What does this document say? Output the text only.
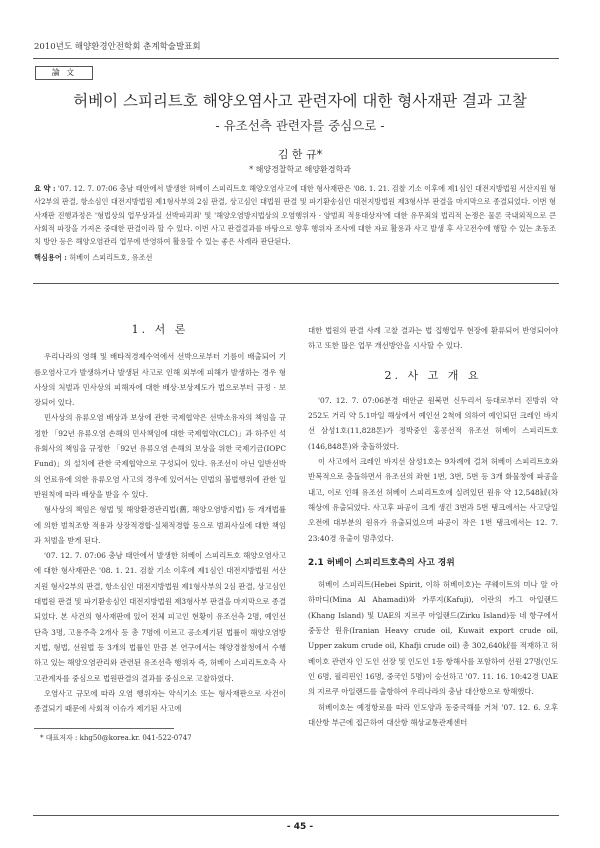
2010년도 해양환경안전학회 춘계학술발표회
論 文
허베이 스피리트호 해양오염사고 관련자에 대한 형사재판 결과 고찰
- 유조선측 관련자를 중심으로 -
김 한 규*
* 해양경찰학교 해양환경학과
요 약 : '07. 12. 7. 07:06 충남 태안에서 발생한 허베이 스피리트호 해양오염사고에 대한 형사재판은 '08. 1. 21. 검찰 기소 이후에 제1심인 대전지방법원 서산지원 형사2부의 판결, 항소심인 대전지방법원 제1형사부의 2심 판결, 상고심인 대법원 판결 및 파기환송심인 대전지방법원 제3형사부 판결을 마지막으로 종결되었다. 이번 형사재판 진행과정은 '형법상의 업무상과실 선박파괴죄' 및 '해양오염방지법상의 오염행위자 · 양벌죄 적용대상자'에 대한 유무죄의 법리적 논쟁은 물론 국내외적으로 큰 사회적 파장을 가져온 중대한 판결이라 할 수 있다. 이번 사고 판결결과를 바탕으로 향후 행위자 조사에 대한 자료 활용과 사고 발생 후 사고전수에 행할 수 있는 초동조치 방안 등은 해양오염관리 업무에 반영하여 활용할 수 있는 좋은 사례라 판단된다.
핵심용어 : 허베이 스피리트호, 유조선
1. 서 론

우리나라의 영해 및 배타적경제수역에서 선박으로부터 기름이 배출되어 기름오염사고가 발생하거나 발생된 사고로 인해 외부에 피해가 발생하는 경우 형사상의 처벌과 민사상의 피해자에 대한 배상·보상제도가 법으로부터 규정 · 보장되어 있다.

민사상의 유류오염 배상과 보상에 관한 국제협약은 선박소유자의 책임을 규정한 「92년 유류오염 손해의 민사책임에 대한 국제협약(CLC)」과 하주인 석유회사의 책임을 규정한 「92년 유류오염 손해의 보상을 위한 국제기금(IOPC Fund)」의 설치에 관한 국제협약으로 구성되어 있다. 유조선이 아닌 일반선박의 연료유에 의한 유류오염 사고의 경우에 있어서는 민법의 불법행위에 관한 일반원칙에 따라 배상을 받을 수 있다.

형사상의 책임은 형법 및 해양환경관리법(舊, 해양오염방지법) 등 개개법률에 의한 벌칙조항 적용과 상장적경합·실체적경합 등으로 범죄사실에 대한 책임과 처벌을 받게 된다.

'07. 12. 7. 07:06 충남 태안에서 발생한 허베이 스피리트호 해양오염사고에 대한 형사재판은 '08. 1. 21. 검찰 기소 이후에 제1심인 대전지방법원 서산지원 형사2부의 판결, 항소심인 대전지방법원 제1형사부의 2심 판결, 상고심인 대법원 판결 및 파기환송심인 대전지방법원 제3형사부 판결을 마지막으로 종결되었다. 본 사건의 형사재판에 있어 전체 피고인 현황이 유조선측 2명, 예인선단측 3명, 고용주측 2개사 등 총 7명에 이르고 공소제기된 법률이 해양오염방지법, 형법, 선원법 등 3개의 법률인 만큼 본 연구에서는 해양경찰청에서 수행하고 있는 해양오염관리와 관련된 유조선측 행위자 즉, 허베이 스피리트호측 사고관계자를 중심으로 법원판결의 결과를 중심으로 고찰하였다.

오염사고 규모에 따라 오염 행위자는 약식기소 또는 형사재판으로 사건이 종결되기 때문에 사회적 이슈가 제기된 사고에

대한 법원의 판결 사례 고찰 결과는 법 집행업무 현장에 환류되어 반영되어야 하고 또한 많은 업무 개선방안을 시사할 수 있다.

2. 사 고 개 요

'07. 12. 7. 07:06분경 태안군 원북면 신두리서 등대로부터 진방위 약 252도 거리 약 5.1마일 해상에서 예인선 2척에 의하여 예인되던 크레인 바지선 삼성1호(11,828톤)가 정박중인 홍콩선적 유조선 허베이 스피리트호(146,848톤)와 충돌하였다.

이 사고에서 크레인 바지선 삼성1호는 9차례에 걸쳐 허베이 스피리트호와 반복적으로 충돌하면서 유조선의 좌현 1번, 3번, 5번 등 3개 화물창에 파공을 내고, 이로 인해 유조선 허베이 스피리트호에 실려있던 원유 약 12,548㎘(차 해상에 유출되었다. 사고후 파공이 크게 생긴 3번과 5번 탱크에서는 사고당일 오전에 대부분의 원유가 유출되었으며 파공이 작은 1번 탱크에서는 12. 7. 23:40경 유출이 멈추었다.

2.1 허베이 스피리트호측의 사고 경위

허베이 스피리트(Hebei Spirit, 이하 허베이호)는 쿠웨이트의 미나 알 아하마디(Mina Al Ahamadi)와 카푸지(Kafuji), 이란의 카그 아일랜드(Khang Island) 및 UAE의 지르쿠 아일랜드(Zirku Island)등 네 항구에서 중동산 원유(Iranian Heavy crude oil, Kuwait export crude oil, Upper zakum crude oil, Khafji crude oil) 총 302,640㎘를 적재하고 허베이호 관련자 인 도인 선장 및 인도인 1등 항해사를 포함하여 선원 27명(인도인 6명, 필리핀인 16명, 중국인 5명)이 승선하고 '07. 11. 16. 10:42경 UAE의 지르쿠 아일랜드를 출항하여 우리나라의 충남 대산항으로 항해했다.

허베이호는 예정항로를 따라 인도양과 동중국해를 거쳐 '07. 12. 6. 오후 대산항 부근에 접근하여 대산항 해상교통관제센터

* 대표저자 : khg50@korea.kr. 041-522-0747
- 45 -
